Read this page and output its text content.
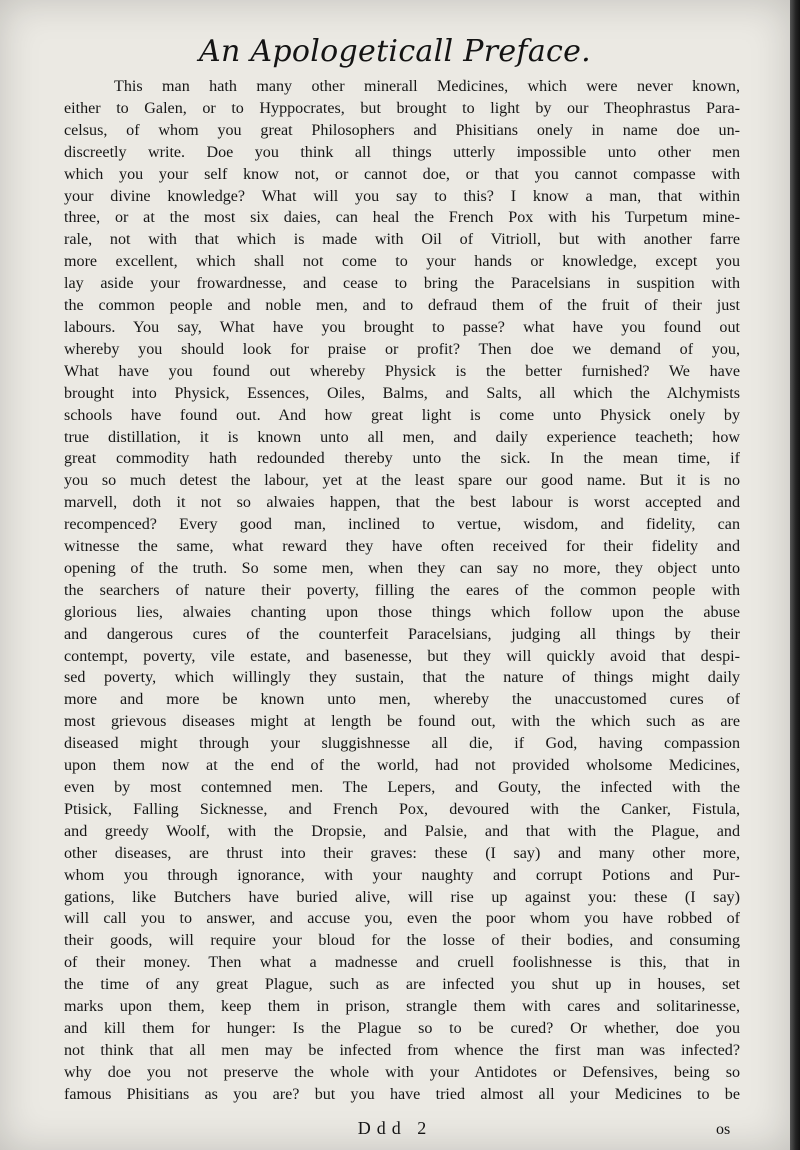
An Apologeticall Preface.
This man hath many other minerall Medicines, which were never known,
either to Galen, or to Hyppocrates, but brought to light by our Theophrastus Para-
celsus, of whom you great Philosophers and Phisitians onely in name doe un-
discreetly write. Doe you think all things utterly impossible unto other men
which you your self know not, or cannot doe, or that you cannot compasse with
your divine knowledge? What will you say to this? I know a man, that within
three, or at the most six daies, can heal the French Pox with his Turpetum mine-
rale, not with that which is made with Oil of Vitrioll, but with another farre
more excellent, which shall not come to your hands or knowledge, except you
lay aside your frowardnesse, and cease to bring the Paracelsians in suspition with
the common people and noble men, and to defraud them of the fruit of their just
labours. You say, What have you brought to passe? what have you found out
whereby you should look for praise or profit? Then doe we demand of you,
What have you found out whereby Physick is the better furnished? We have
brought into Physick, Essences, Oiles, Balms, and Salts, all which the Alchymists
schools have found out. And how great light is come unto Physick onely by
true distillation, it is known unto all men, and daily experience teacheth; how
great commodity hath redounded thereby unto the sick. In the mean time, if
you so much detest the labour, yet at the least spare our good name. But it is no
marvell, doth it not so alwaies happen, that the best labour is worst accepted and
recompenced? Every good man, inclined to vertue, wisdom, and fidelity, can
witnesse the same, what reward they have often received for their fidelity and
opening of the truth. So some men, when they can say no more, they object unto
the searchers of nature their poverty, filling the eares of the common people with
glorious lies, alwaies chanting upon those things which follow upon the abuse
and dangerous cures of the counterfeit Paracelsians, judging all things by their
contempt, poverty, vile estate, and basenesse, but they will quickly avoid that despi-
sed poverty, which willingly they sustain, that the nature of things might daily
more and more be known unto men, whereby the unaccustomed cures of
most grievous diseases might at length be found out, with the which such as are
diseased might through your sluggishnesse all die, if God, having compassion
upon them now at the end of the world, had not provided wholsome Medicines,
even by most contemned men. The Lepers, and Gouty, the infected with the
Ptisick, Falling Sicknesse, and French Pox, devoured with the Canker, Fistula,
and greedy Woolf, with the Dropsie, and Palsie, and that with the Plague, and
other diseases, are thrust into their graves: these (I say) and many other more,
whom you through ignorance, with your naughty and corrupt Potions and Pur-
gations, like Butchers have buried alive, will rise up against you: these (I say)
will call you to answer, and accuse you, even the poor whom you have robbed of
their goods, will require your bloud for the losse of their bodies, and consuming
of their money. Then what a madnesse and cruell foolishnesse is this, that in
the time of any great Plague, such as are infected you shut up in houses, set
marks upon them, keep them in prison, strangle them with cares and solitarinesse,
and kill them for hunger: Is the Plague so to be cured? Or whether, doe you
not think that all men may be infected from whence the first man was infected?
why doe you not preserve the whole with your Antidotes or Defensives, being so
famous Phisitians as you are? but you have tried almost all your Medicines to be
Ddd 2	os
